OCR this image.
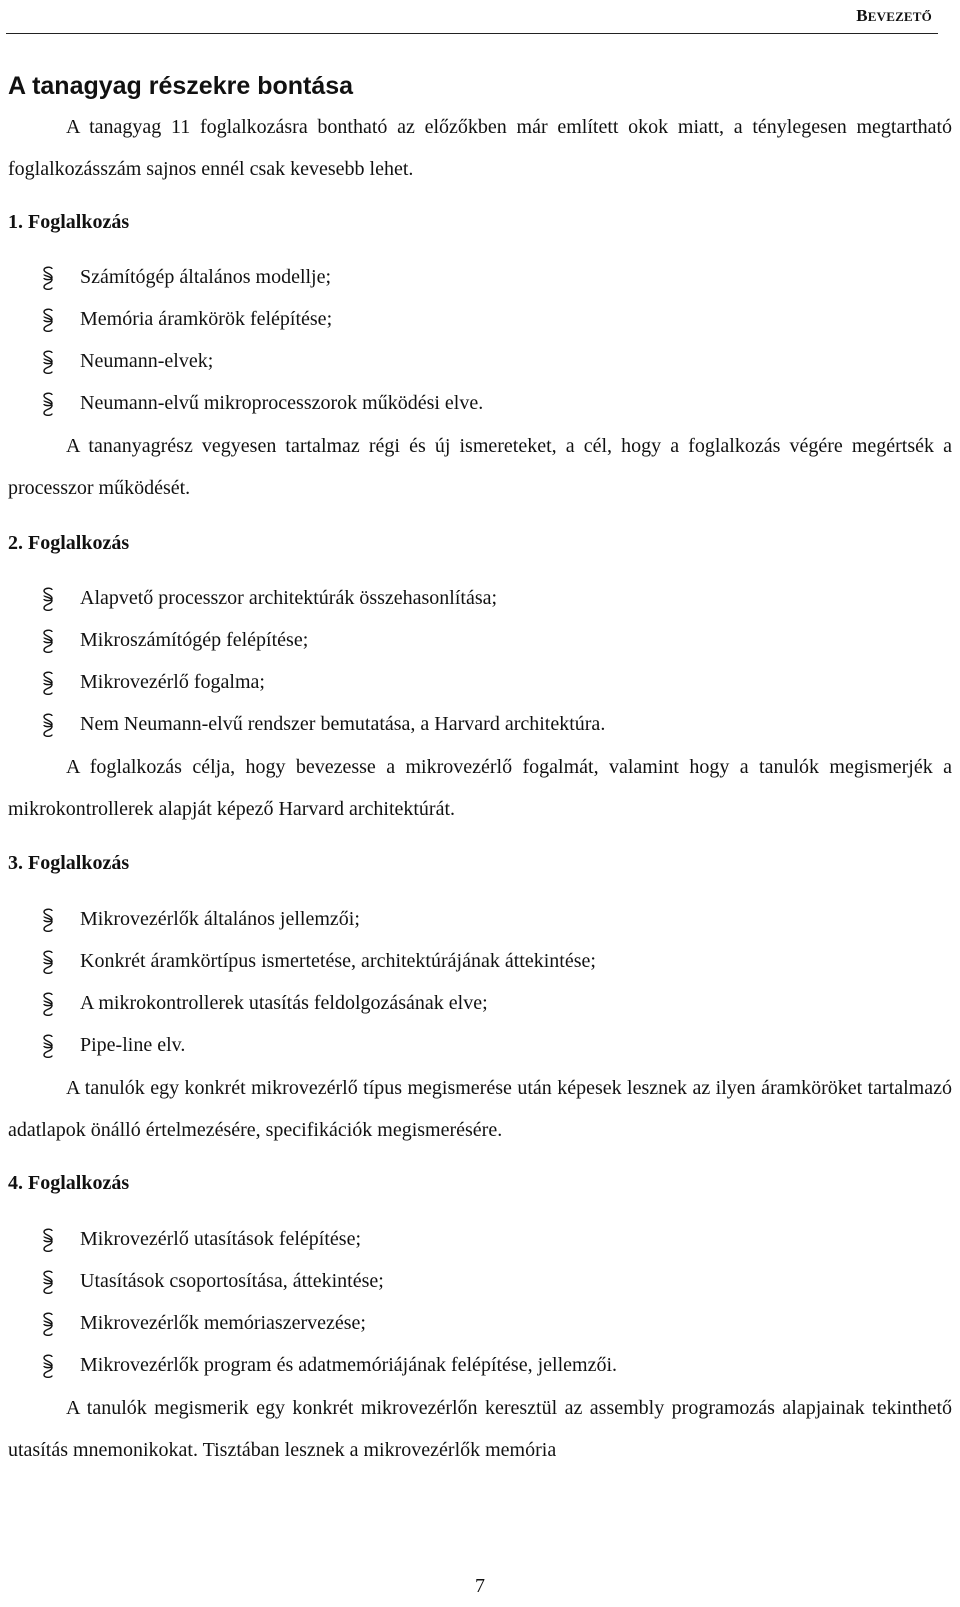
BEVEZETŐ
A tanagyag részekre bontása

A tanagyag 11 foglalkozásra bontható az előzőkben már említett okok miatt, a ténylegesen megtartható foglalkozásszám sajnos ennél csak kevesebb lehet.

1. Foglalkozás
Számítógép általános modellje;
Memória áramkörök felépítése;
Neumann-elvek;
Neumann-elvű mikroprocesszorok működési elve.

A tananyagrész vegyesen tartalmaz régi és új ismereteket, a cél, hogy a foglalkozás végére megértsék a processzor működését.

2. Foglalkozás
Alapvető processzor architektúrák összehasonlítása;
Mikroszámítógép felépítése;
Mikrovezérlő fogalma;
Nem Neumann-elvű rendszer bemutatása, a Harvard architektúra.

A foglalkozás célja, hogy bevezesse a mikrovezérlő fogalmát, valamint hogy a tanulók megismerjék a mikrokontrollerek alapját képező Harvard architektúrát.

3. Foglalkozás
Mikrovezérlők általános jellemzői;
Konkrét áramkörtípus ismertetése, architektúrájának áttekintése;
A mikrokontrollerek utasítás feldolgozásának elve;
Pipe-line elv.

A tanulók egy konkrét mikrovezérlő típus megismerése után képesek lesznek az ilyen áramköröket tartalmazó adatlapok önálló értelmezésére, specifikációk megismerésére.

4. Foglalkozás
Mikrovezérlő utasítások felépítése;
Utasítások csoportosítása, áttekintése;
Mikrovezérlők memóriaszervezése;
Mikrovezérlők program és adatmemóriájának felépítése, jellemzői.

A tanulók megismerik egy konkrét mikrovezérlőn keresztül az assembly programozás alapjainak tekinthető utasítás mnemonikokat. Tisztában lesznek a mikrovezérlők memória

7
